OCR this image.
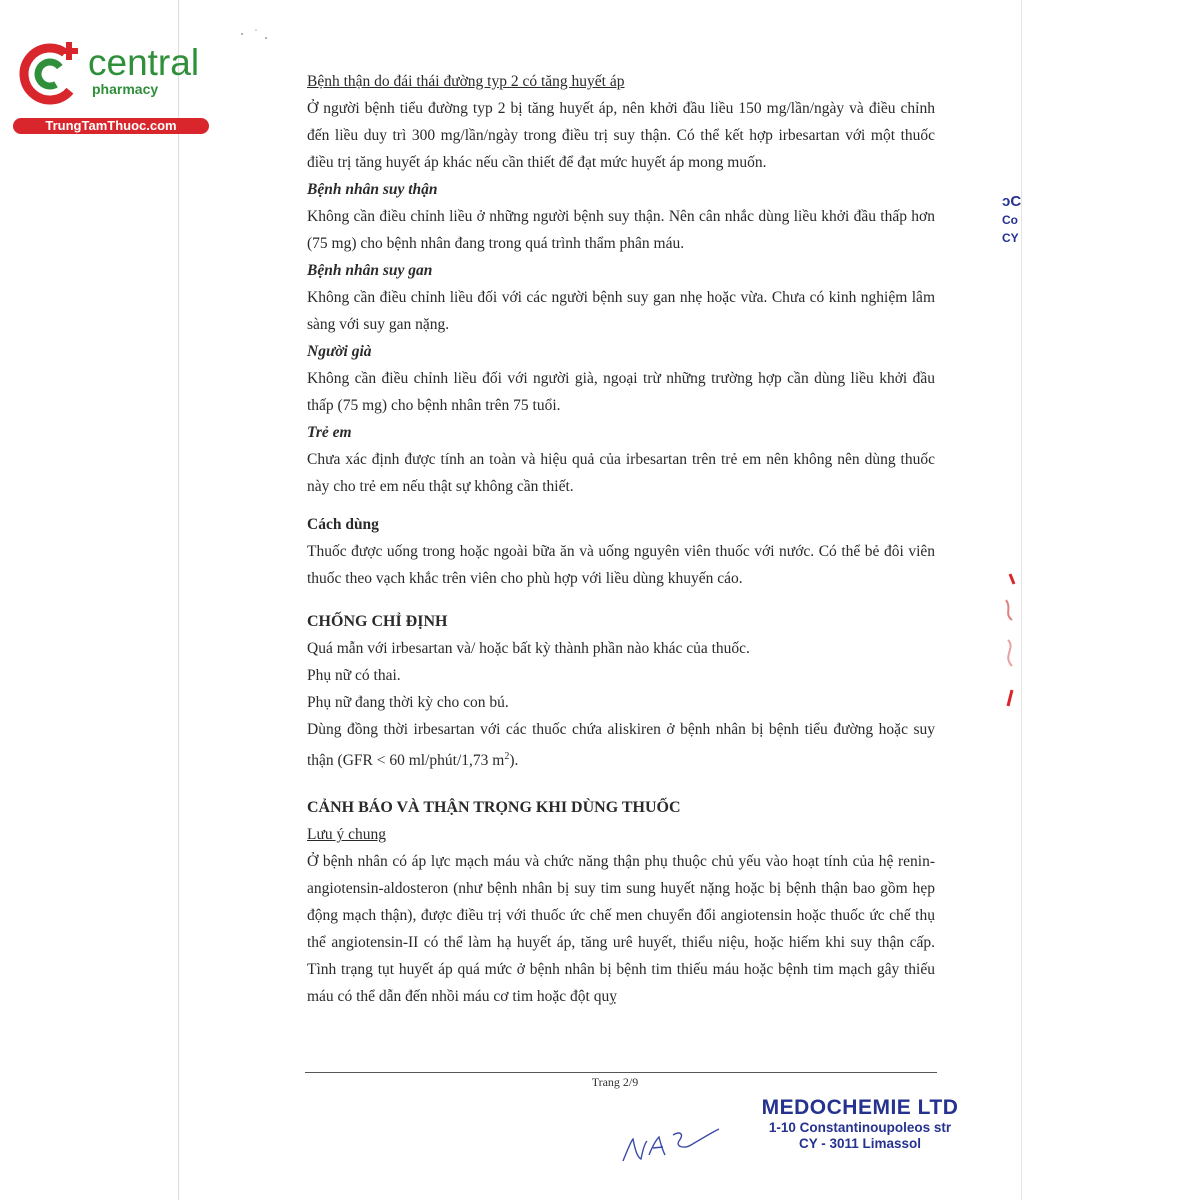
central
pharmacy
TrungTamThuoc.com

Bệnh thận do đái thái đường typ 2 có tăng huyết áp

Ở người bệnh tiểu đường typ 2 bị tăng huyết áp, nên khởi đầu liều 150 mg/lần/ngày và điều chỉnh đến liều duy trì 300 mg/lần/ngày trong điều trị suy thận. Có thể kết hợp irbesartan với một thuốc điều trị tăng huyết áp khác nếu cần thiết để đạt mức huyết áp mong muốn.

Bệnh nhân suy thận

Không cần điều chỉnh liều ở những người bệnh suy thận. Nên cân nhắc dùng liều khởi đầu thấp hơn (75 mg) cho bệnh nhân đang trong quá trình thẩm phân máu.

Bệnh nhân suy gan

Không cần điều chỉnh liều đối với các người bệnh suy gan nhẹ hoặc vừa. Chưa có kinh nghiệm lâm sàng với suy gan nặng.

Người già

Không cần điều chỉnh liều đối với người già, ngoại trừ những trường hợp cần dùng liều khởi đầu thấp (75 mg) cho bệnh nhân trên 75 tuổi.

Trẻ em

Chưa xác định được tính an toàn và hiệu quả của irbesartan trên trẻ em nên không nên dùng thuốc này cho trẻ em nếu thật sự không cần thiết.

Cách dùng

Thuốc được uống trong hoặc ngoài bữa ăn và uống nguyên viên thuốc với nước. Có thể bẻ đôi viên thuốc theo vạch khắc trên viên cho phù hợp với liều dùng khuyến cáo.

CHỐNG CHỈ ĐỊNH

Quá mẫn với irbesartan và/ hoặc bất kỳ thành phần nào khác của thuốc.

Phụ nữ có thai.

Phụ nữ đang thời kỳ cho con bú.

Dùng đồng thời irbesartan với các thuốc chứa aliskiren ở bệnh nhân bị bệnh tiểu đường hoặc suy thận (GFR < 60 ml/phút/1,73 $m^2$).

CẢNH BÁO VÀ THẬN TRỌNG KHI DÙNG THUỐC

Lưu ý chung

Ở bệnh nhân có áp lực mạch máu và chức năng thận phụ thuộc chủ yếu vào hoạt tính của hệ renin-angiotensin-aldosteron (như bệnh nhân bị suy tim sung huyết nặng hoặc bị bệnh thận bao gồm hẹp động mạch thận), được điều trị với thuốc ức chế men chuyển đổi angiotensin hoặc thuốc ức chế thụ thể angiotensin-II có thể làm hạ huyết áp, tăng urê huyết, thiểu niệu, hoặc hiếm khi suy thận cấp. Tình trạng tụt huyết áp quá mức ở bệnh nhân bị bệnh tim thiếu máu hoặc bệnh tim mạch gây thiếu máu có thể dẫn đến nhồi máu cơ tim hoặc đột quỵ

Trang 2/9
MEDOCHEMIE LTD
1-10 Constantinoupoleos str
CY - 3011 Limassol
ͻC
Co
CY
